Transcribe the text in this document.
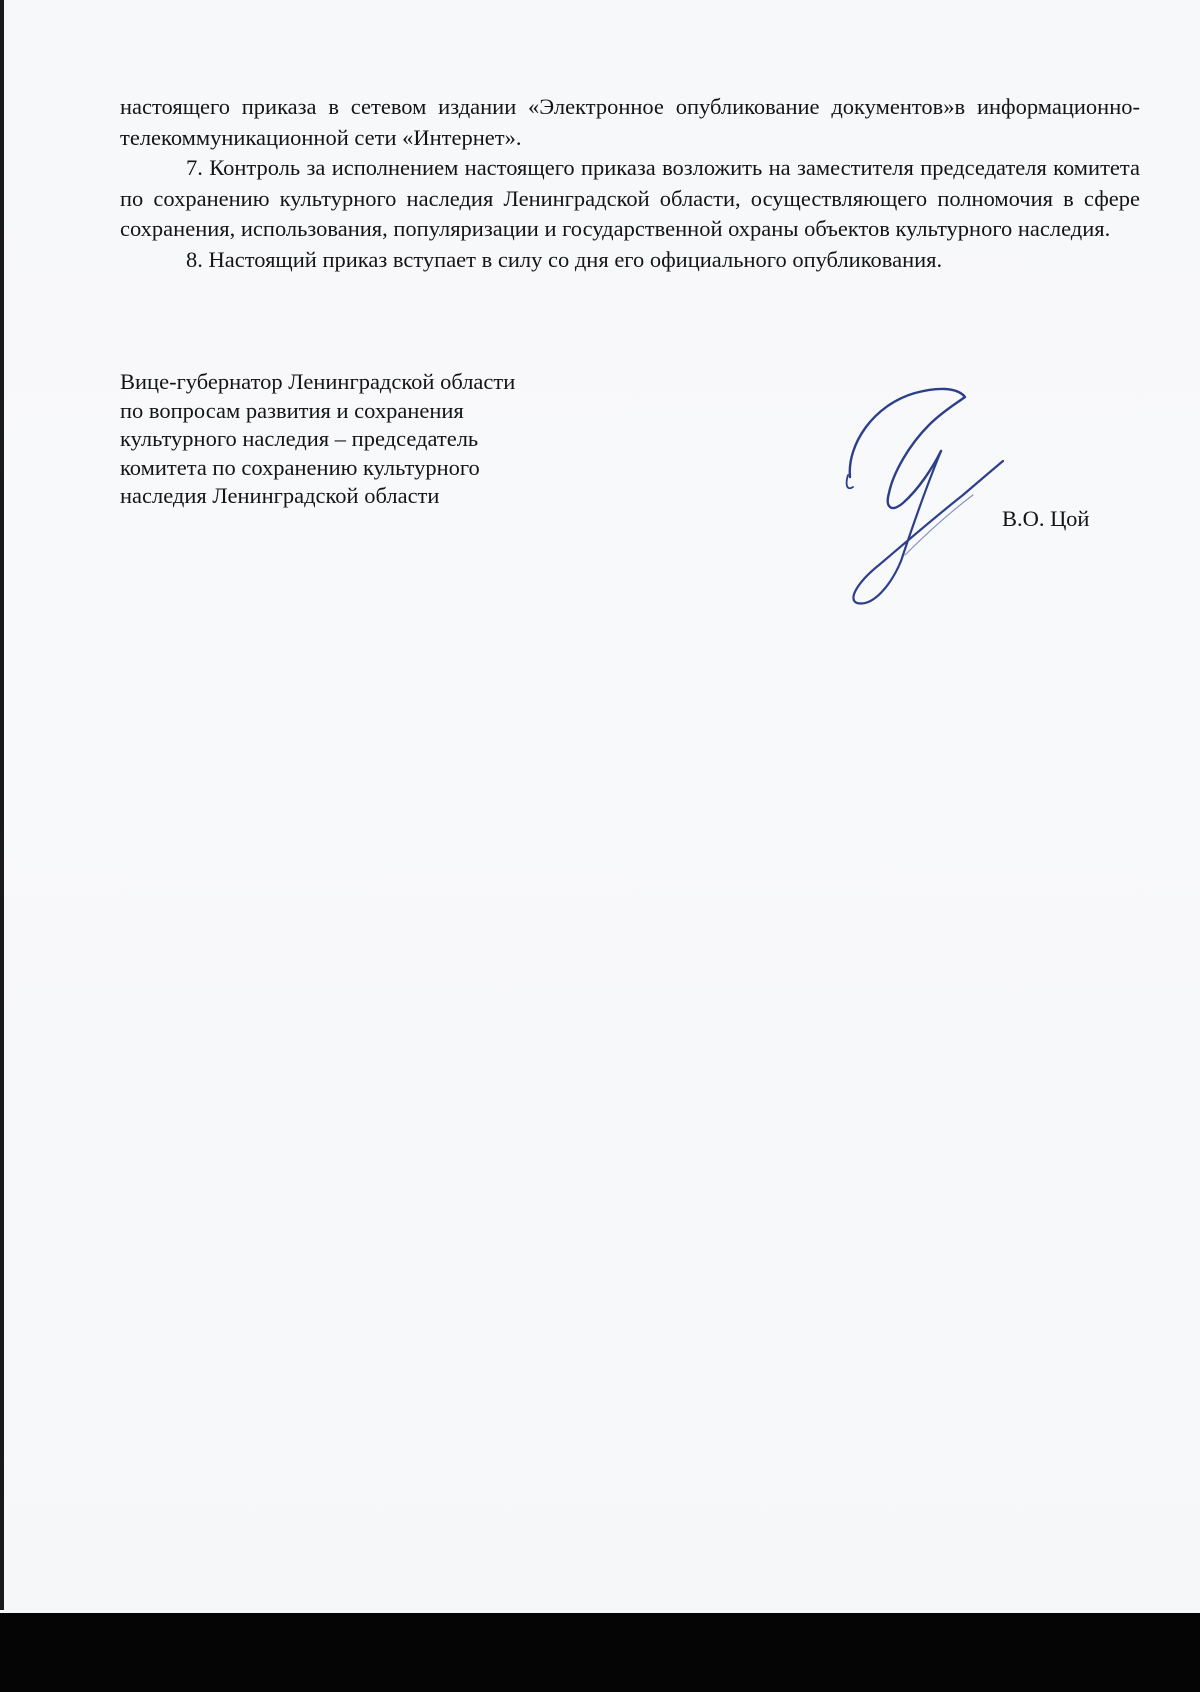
настоящего приказа в сетевом издании «Электронное опубликование документов»в информационно-телекоммуникационной сети «Интернет».

7. Контроль за исполнением настоящего приказа возложить на заместителя председателя комитета по сохранению культурного наследия Ленинградской области, осуществляющего полномочия в сфере сохранения, использования, популяризации и государственной охраны объектов культурного наследия.

8. Настоящий приказ вступает в силу со дня его официального опубликования.

Вице-губернатор Ленинградской области
по вопросам развития и сохранения
культурного наследия – председатель
комитета по сохранению культурного
наследия Ленинградской области
В.О. Цой
